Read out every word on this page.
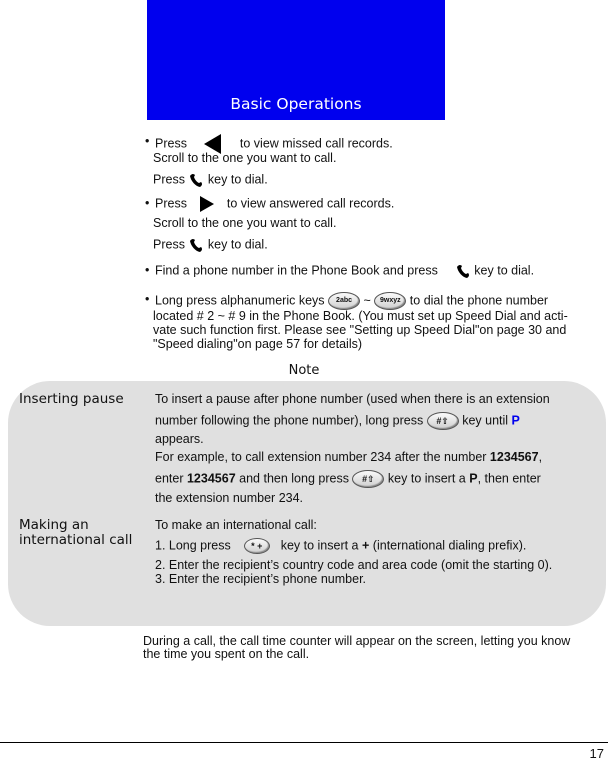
Basic Operations
• Press	to view missed call records.
Scroll to the one you want to call.
Press key to dial.
• Press	to view answered call records.
Scroll to the one you want to call.
Press key to dial.
• Find a phone number in the Phone Book and press	key to dial.
• Long press alphanumeric keys 2abc ~ 9wxyz to dial the phone number
located # 2 ~ # 9 in the Phone Book. (You must set up Speed Dial and acti-
vate such function first. Please see "Setting up Speed Dial"on page 30 and
"Speed dialing"on page 57 for details)
Note
Inserting pause	To insert a pause after phone number (used when there is an extension
number following the phone number), long press #⇧ key until P
appears.
For example, to call extension number 234 after the number 1234567,
enter 1234567 and then long press #⇧ key to insert a P, then enter
the extension number 234.
Making an
international call
To make an international call:
1. Long press * + key to insert a + (international dialing prefix).
2. Enter the recipient’s country code and area code (omit the starting 0).
3. Enter the recipient’s phone number.
During a call, the call time counter will appear on the screen, letting you know
the time you spent on the call.
17
